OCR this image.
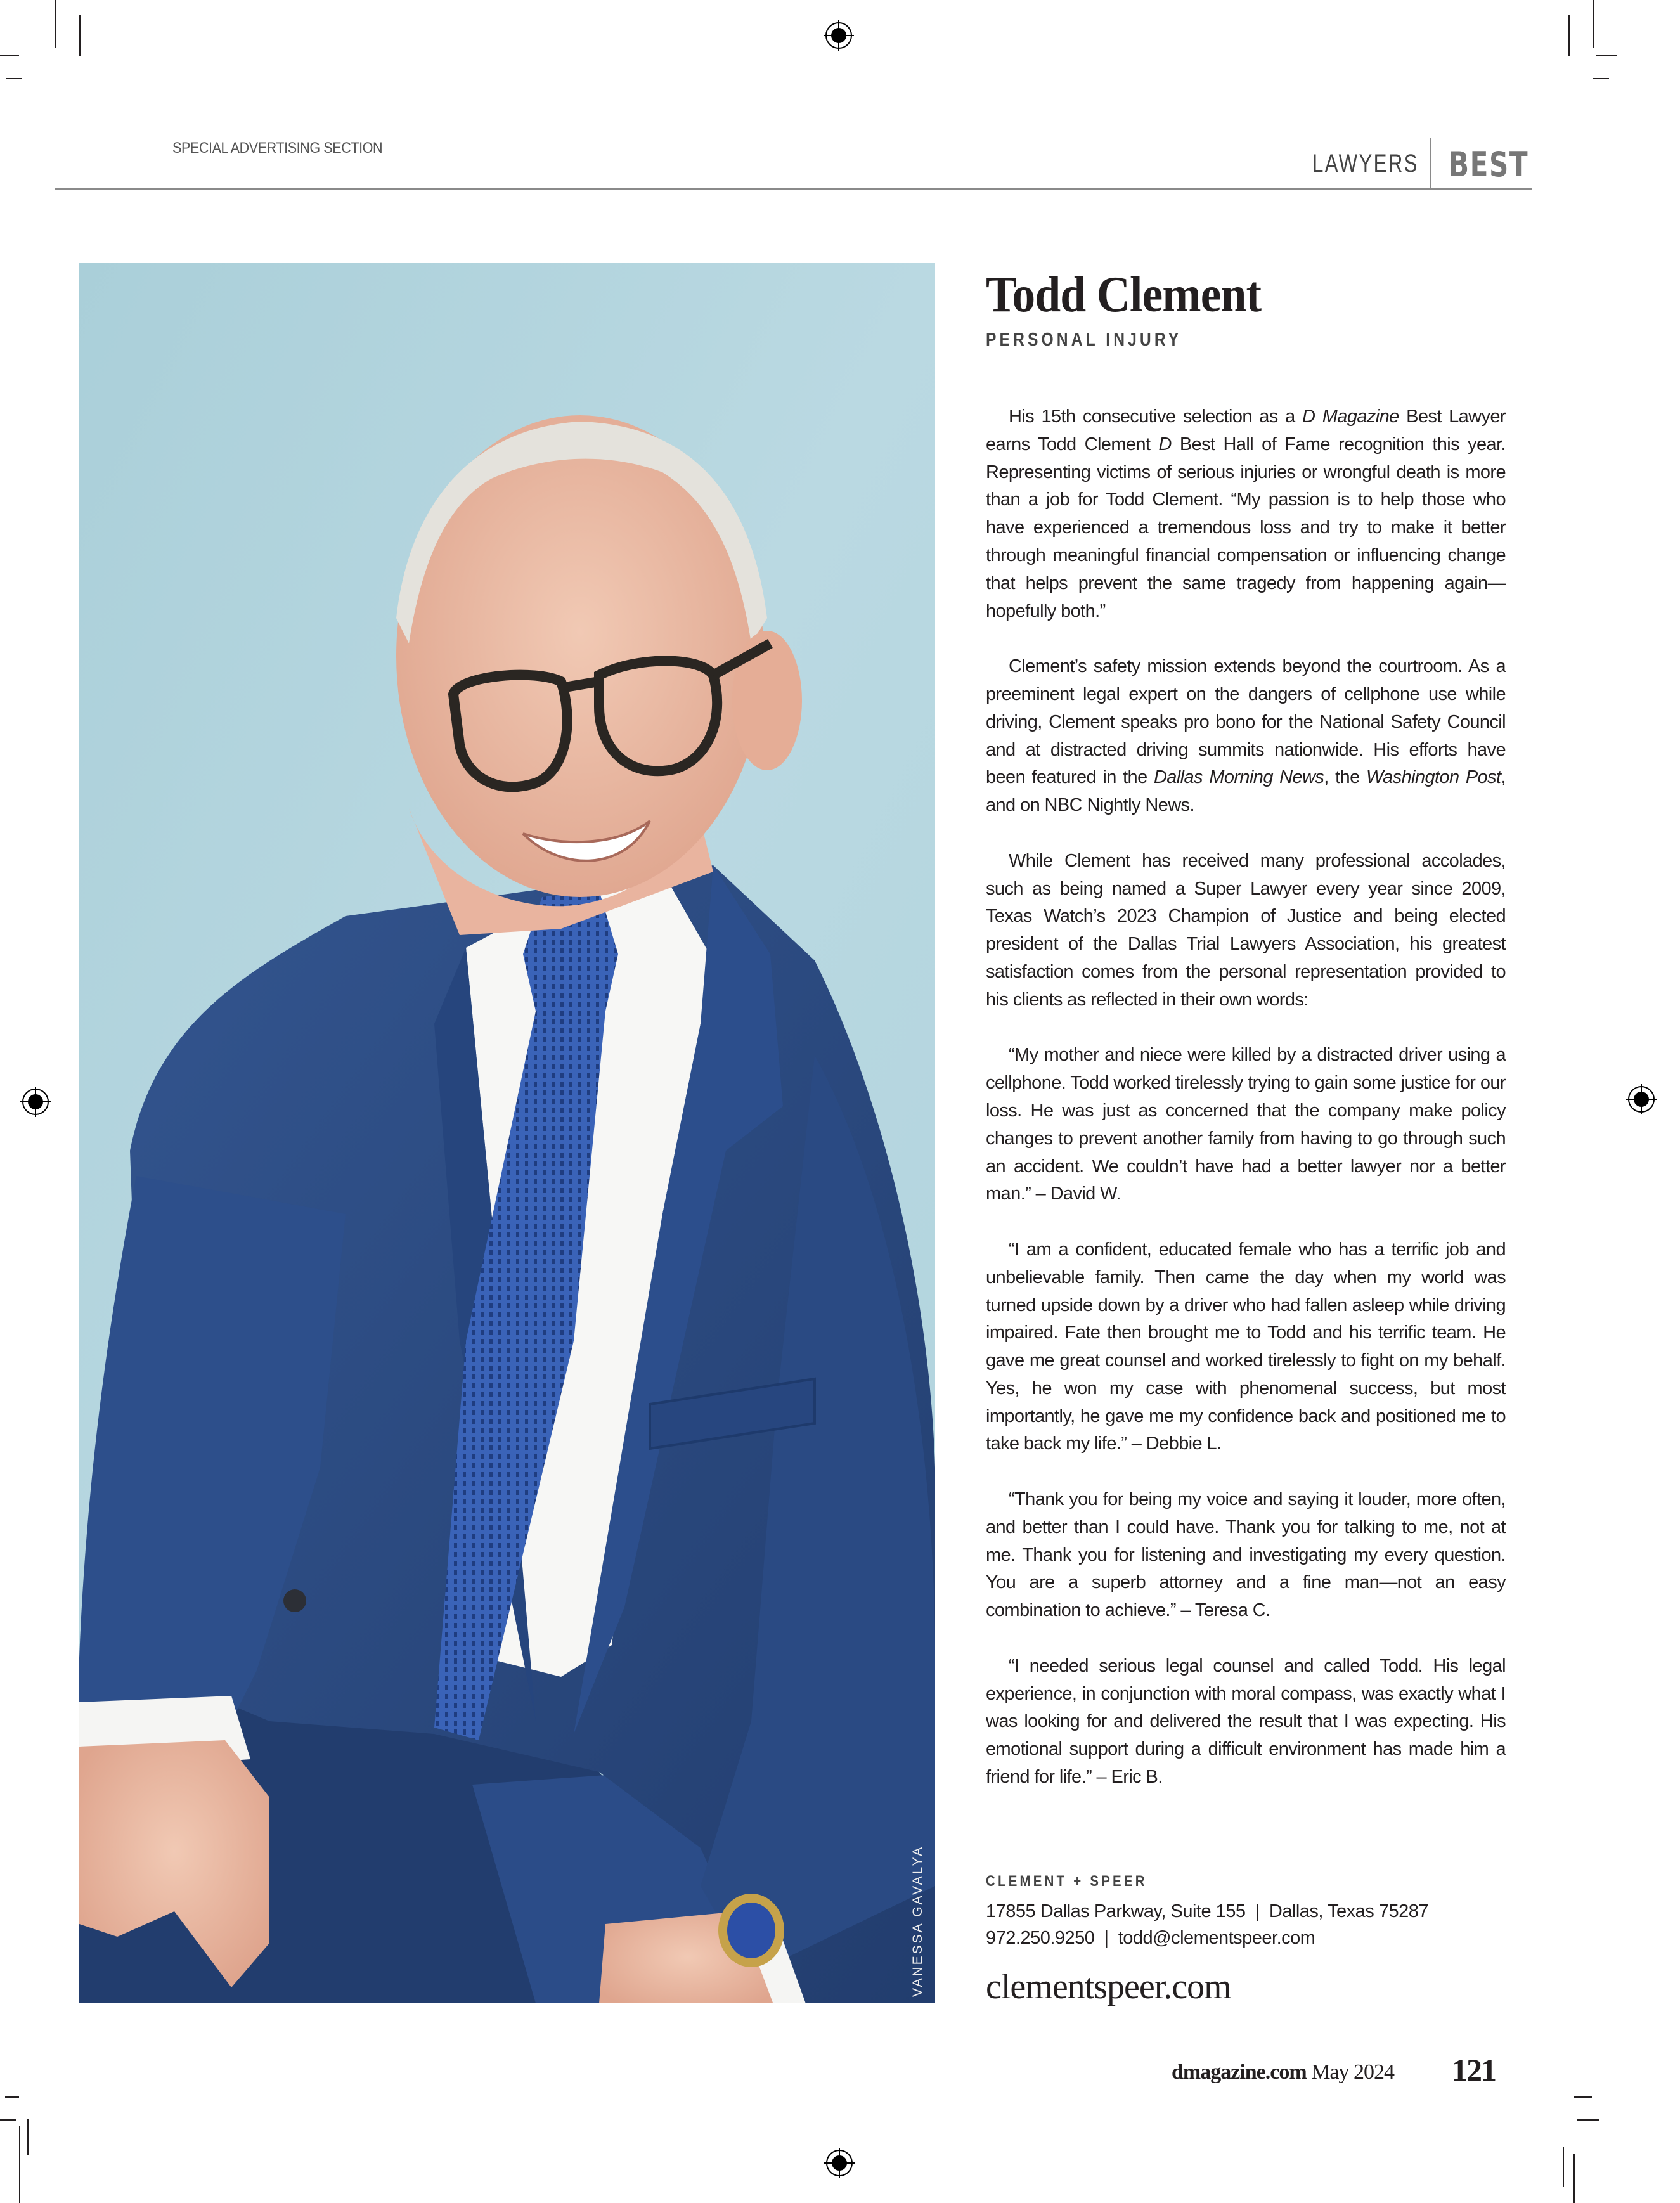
SPECIAL ADVERTISING SECTION
LAWYERS BEST
VANESSA GAVALYA
Todd Clement
PERSONAL INJURY

His 15th consecutive selection as a D Magazine Best Lawyer earns Todd Clement D Best Hall of Fame recognition this year. Representing victims of serious injuries or wrongful death is more than a job for Todd Clement. “My passion is to help those who have experienced a tremendous loss and try to make it better through meaningful financial compensation or influencing change that helps prevent the same tragedy from happening again—hopefully both.”

Clement’s safety mission extends beyond the courtroom. As a preeminent legal expert on the dangers of cellphone use while driving, Clement speaks pro bono for the National Safety Council and at distracted driving summits nationwide. His efforts have been featured in the Dallas Morning News, the Washington Post, and on NBC Nightly News.

While Clement has received many professional accolades, such as being named a Super Lawyer every year since 2009, Texas Watch’s 2023 Champion of Justice and being elected president of the Dallas Trial Lawyers Association, his greatest satisfaction comes from the personal representation provided to his clients as reflected in their own words:

“My mother and niece were killed by a distracted driver using a cellphone. Todd worked tirelessly trying to gain some justice for our loss. He was just as concerned that the company make policy changes to prevent another family from having to go through such an accident. We couldn’t have had a better lawyer nor a better man.” – David W.

“I am a confident, educated female who has a terrific job and unbelievable family. Then came the day when my world was turned upside down by a driver who had fallen asleep while driving impaired. Fate then brought me to Todd and his terrific team. He gave me great counsel and worked tirelessly to fight on my behalf. Yes, he won my case with phenomenal success, but most importantly, he gave me my confidence back and positioned me to take back my life.” – Debbie L.

“Thank you for being my voice and saying it louder, more often, and better than I could have. Thank you for talking to me, not at me. Thank you for listening and investigating my every question. You are a superb attorney and a fine man—not an easy combination to achieve.” – Teresa C.

“I needed serious legal counsel and called Todd. His legal experience, in conjunction with moral compass, was exactly what I was looking for and delivered the result that I was expecting. His emotional support during a difficult environment has made him a friend for life.” – Eric B.

CLEMENT + SPEER
17855 Dallas Parkway, Suite 155 | Dallas, Texas 75287
972.250.9250 | todd@clementspeer.com
clementspeer.com
dmagazine.com May 2024 121
